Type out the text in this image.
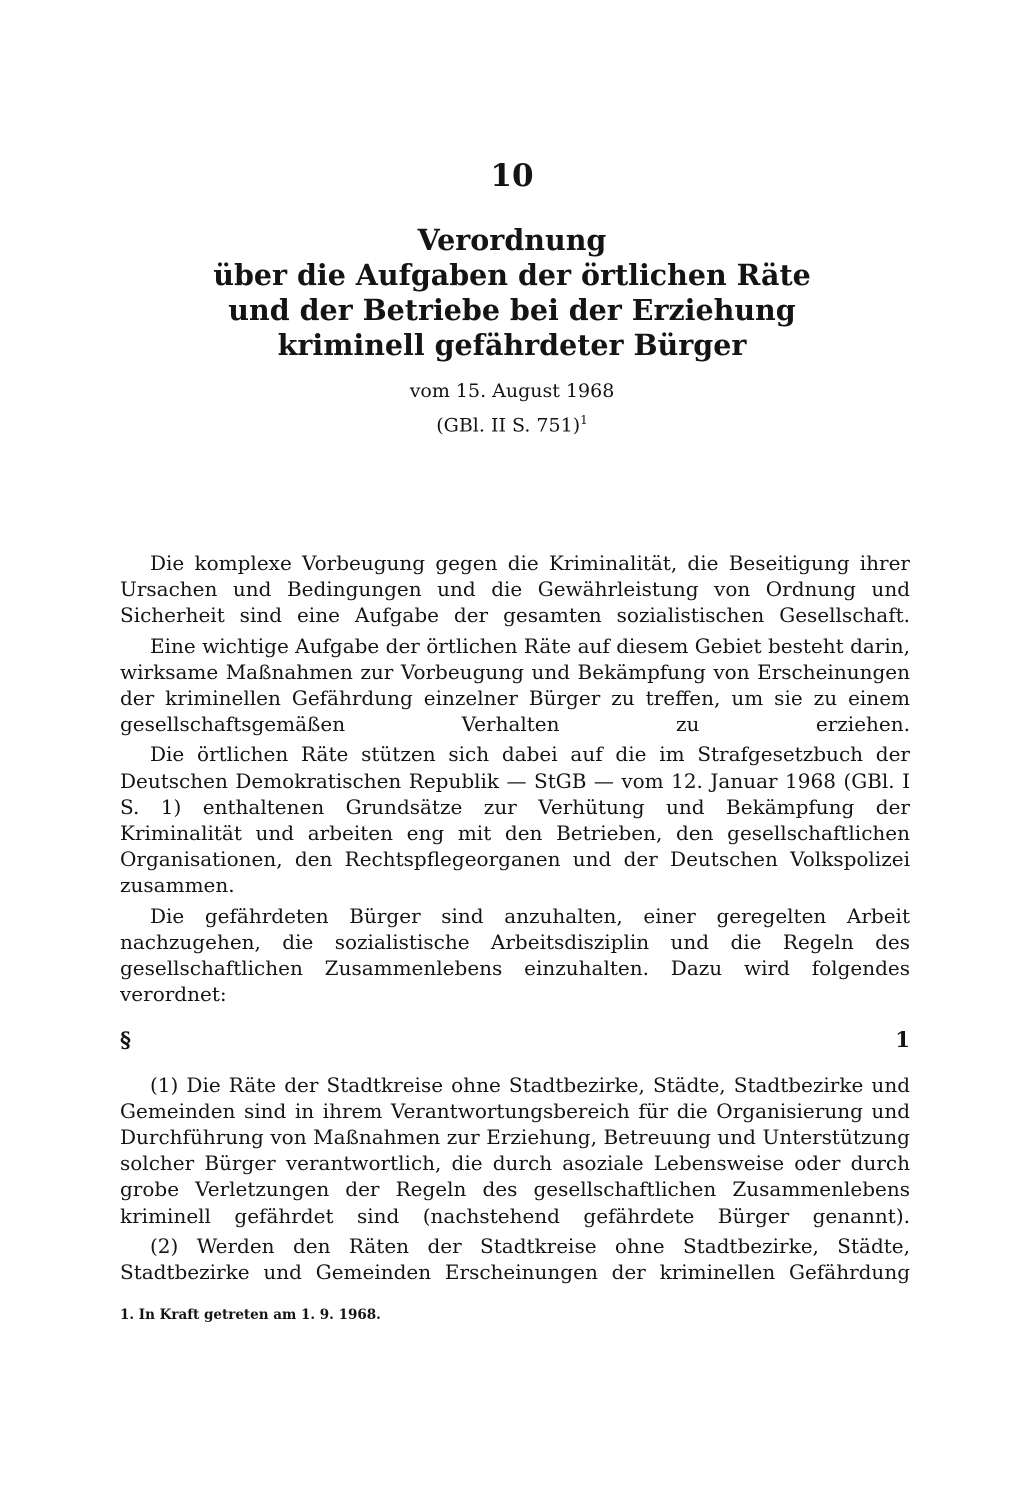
10
Verordnung
über die Aufgaben der örtlichen Räte
und der Betriebe bei der Erziehung
kriminell gefährdeter Bürger
vom 15. August 1968
(GBl. II S. 751)$^1$

Die komplexe Vorbeugung gegen die Kriminalität, die Beseitigung ihrer Ursachen und Bedingungen und die Gewährleistung von Ordnung und Sicherheit sind eine Aufgabe der gesamten sozialistischen Gesellschaft.

Eine wichtige Aufgabe der örtlichen Räte auf diesem Gebiet besteht darin, wirksame Maßnahmen zur Vorbeugung und Bekämpfung von Erscheinungen der kriminellen Gefährdung einzelner Bürger zu treffen, um sie zu einem gesellschaftsgemäßen Verhalten zu erziehen.

Die örtlichen Räte stützen sich dabei auf die im Strafgesetzbuch der Deutschen Demokratischen Republik — StGB — vom 12. Januar 1968 (GBl. I S. 1) enthaltenen Grundsätze zur Verhütung und Bekämpfung der Kriminalität und arbeiten eng mit den Betrieben, den gesellschaftlichen Organisationen, den Rechtspflegeorganen und der Deutschen Volkspolizei zusammen.

Die gefährdeten Bürger sind anzuhalten, einer geregelten Arbeit nachzugehen, die sozialistische Arbeitsdisziplin und die Regeln des gesellschaftlichen Zusammenlebens einzuhalten. Dazu wird folgendes verordnet:

§ 1

(1) Die Räte der Stadtkreise ohne Stadtbezirke, Städte, Stadtbezirke und Gemeinden sind in ihrem Verantwortungsbereich für die Organisierung und Durchführung von Maßnahmen zur Erziehung, Betreuung und Unterstützung solcher Bürger verantwortlich, die durch asoziale Lebensweise oder durch grobe Verletzungen der Regeln des gesellschaftlichen Zusammenlebens kriminell gefährdet sind (nachstehend gefährdete Bürger genannt).

(2) Werden den Räten der Stadtkreise ohne Stadtbezirke, Städte, Stadtbezirke und Gemeinden Erscheinungen der kriminellen Gefährdung

1. In Kraft getreten am 1. 9. 1968.
